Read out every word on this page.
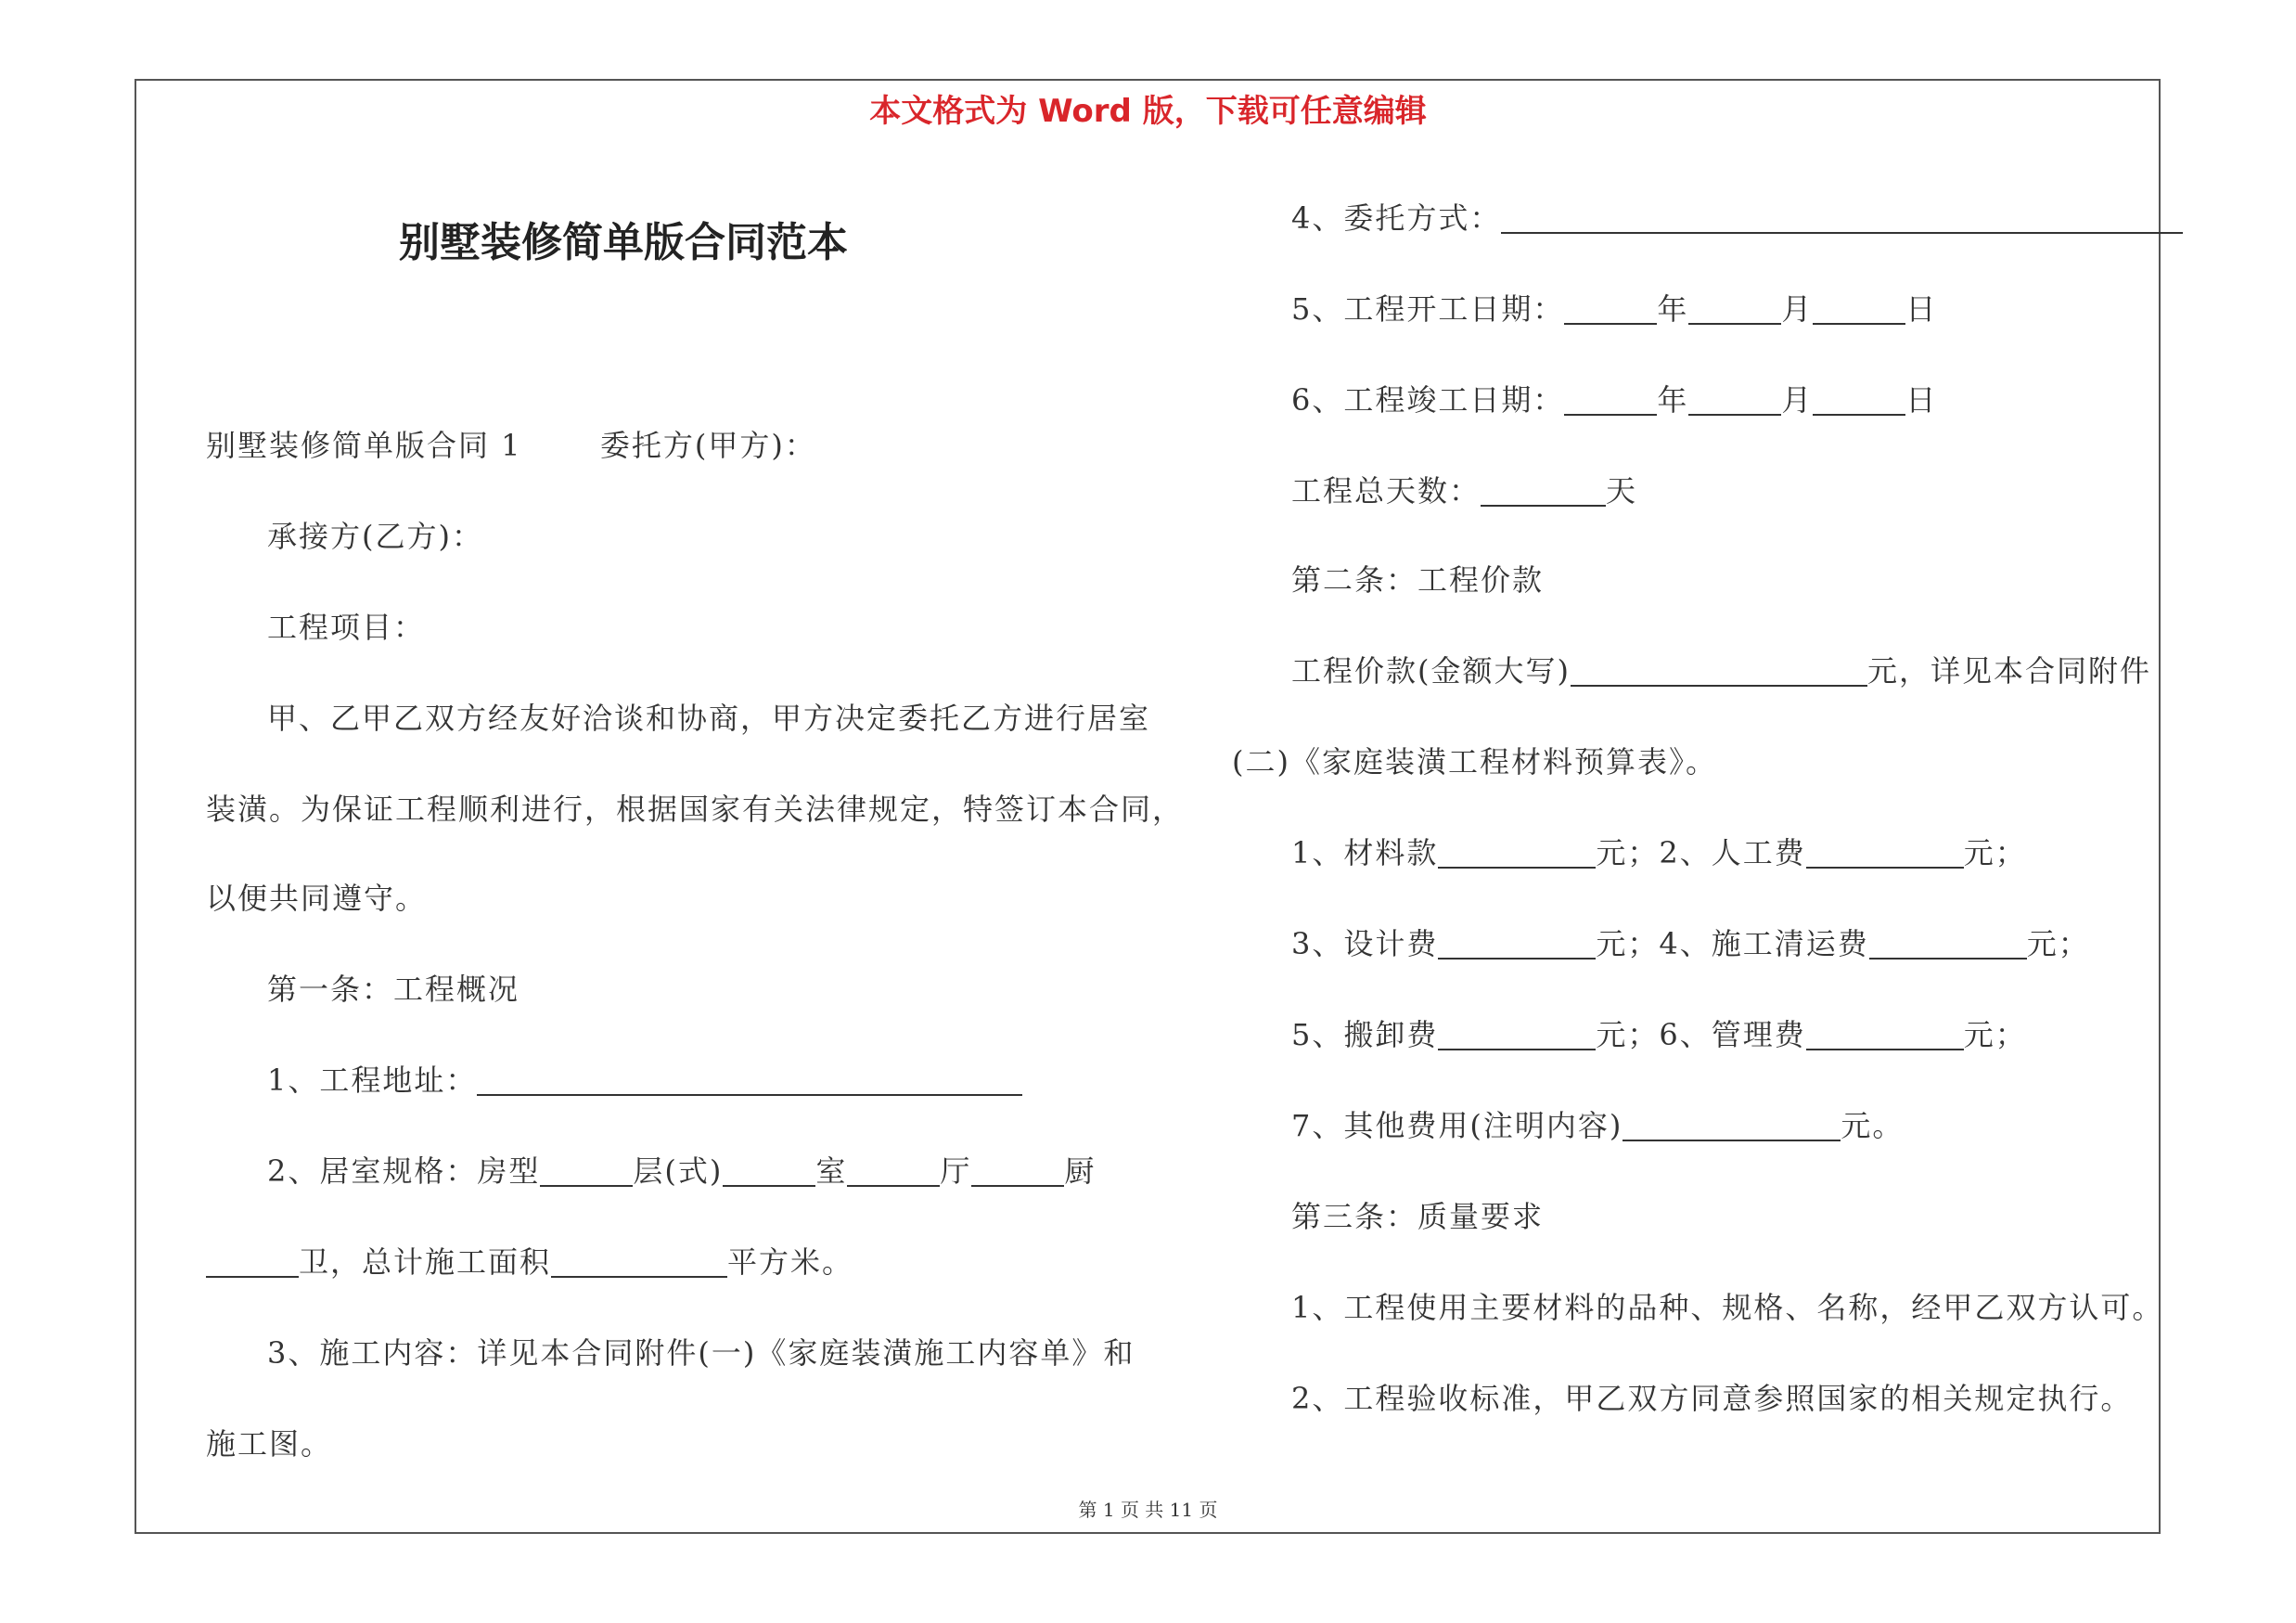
本文格式为 Word 版，下载可任意编辑
别墅装修简单版合同范本
别墅装修简单版合同 1	委托方(甲方)：
承接方(乙方)：
工程项目：
甲、乙甲乙双方经友好洽谈和协商，甲方决定委托乙方进行居室
装潢。为保证工程顺利进行，根据国家有关法律规定，特签订本合同，
以便共同遵守。
第一条：工程概况
1、工程地址：
2、居室规格：房型	层(式)	室	厅	厨
卫，总计施工面积	平方米。
3、施工内容：详见本合同附件(一)《家庭装潢施工内容单》和
施工图。
4、委托方式：
5、工程开工日期：	年	月	日
6、工程竣工日期：	年	月	日
工程总天数：	天
第二条：工程价款
工程价款(金额大写)	元，详见本合同附件
(二)《家庭装潢工程材料预算表》。
1、材料款	元；2、人工费	元；
3、设计费	元；4、施工清运费	元；
5、搬卸费	元；6、管理费	元；
7、其他费用(注明内容)	元。
第三条：质量要求
1、工程使用主要材料的品种、规格、名称，经甲乙双方认可。
2、工程验收标准，甲乙双方同意参照国家的相关规定执行。
第 1 页 共 11 页
